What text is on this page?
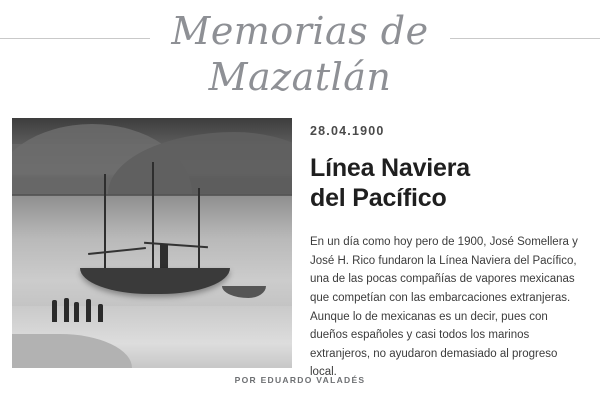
Memorias de
Mazatlán
28.04.1900
Línea Naviera
del Pacífico

En un día como hoy pero de 1900, José Somellera y José H. Rico fundaron la Línea Naviera del Pacífico, una de las pocas compañías de vapores mexicanas que competían con las embarcaciones extranjeras. Aunque lo de mexicanas es un decir, pues con dueños españoles y casi todos los marinos extranjeros, no ayudaron demasiado al progreso local.

POR EDUARDO VALADÉS
